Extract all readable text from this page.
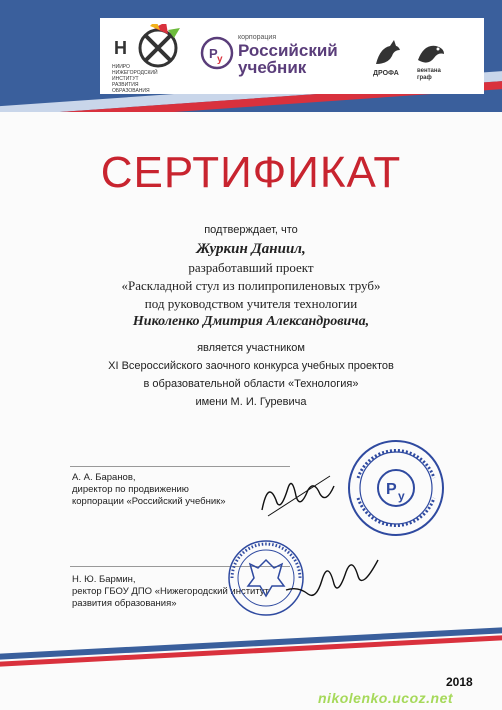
Н
НИИРО НИЖЕГОРОДСКИЙ ИНСТИТУТ РАЗВИТИЯ ОБРАЗОВАНИЯ
Р у
корпорация
Российский
учебник	ДРОФА	вентана граф
СЕРТИФИКАТ
подтверждает, что
Журкин Даниил,
разработавший проект
«Раскладной стул из полипропиленовых труб»
под руководством учителя технологии
Николенко Дмитрия Александровича,
является участником
XI Всероссийского заочного конкурса учебных проектов
в образовательной области «Технология»
имени М. И. Гуревича
А. А. Баранов,
директор по продвижению
корпорации «Российский учебник»
Р у
Н. Ю. Бармин,
ректор ГБОУ ДПО «Нижегородский институт
развития образования»
2018
nikolenko.ucoz.net
